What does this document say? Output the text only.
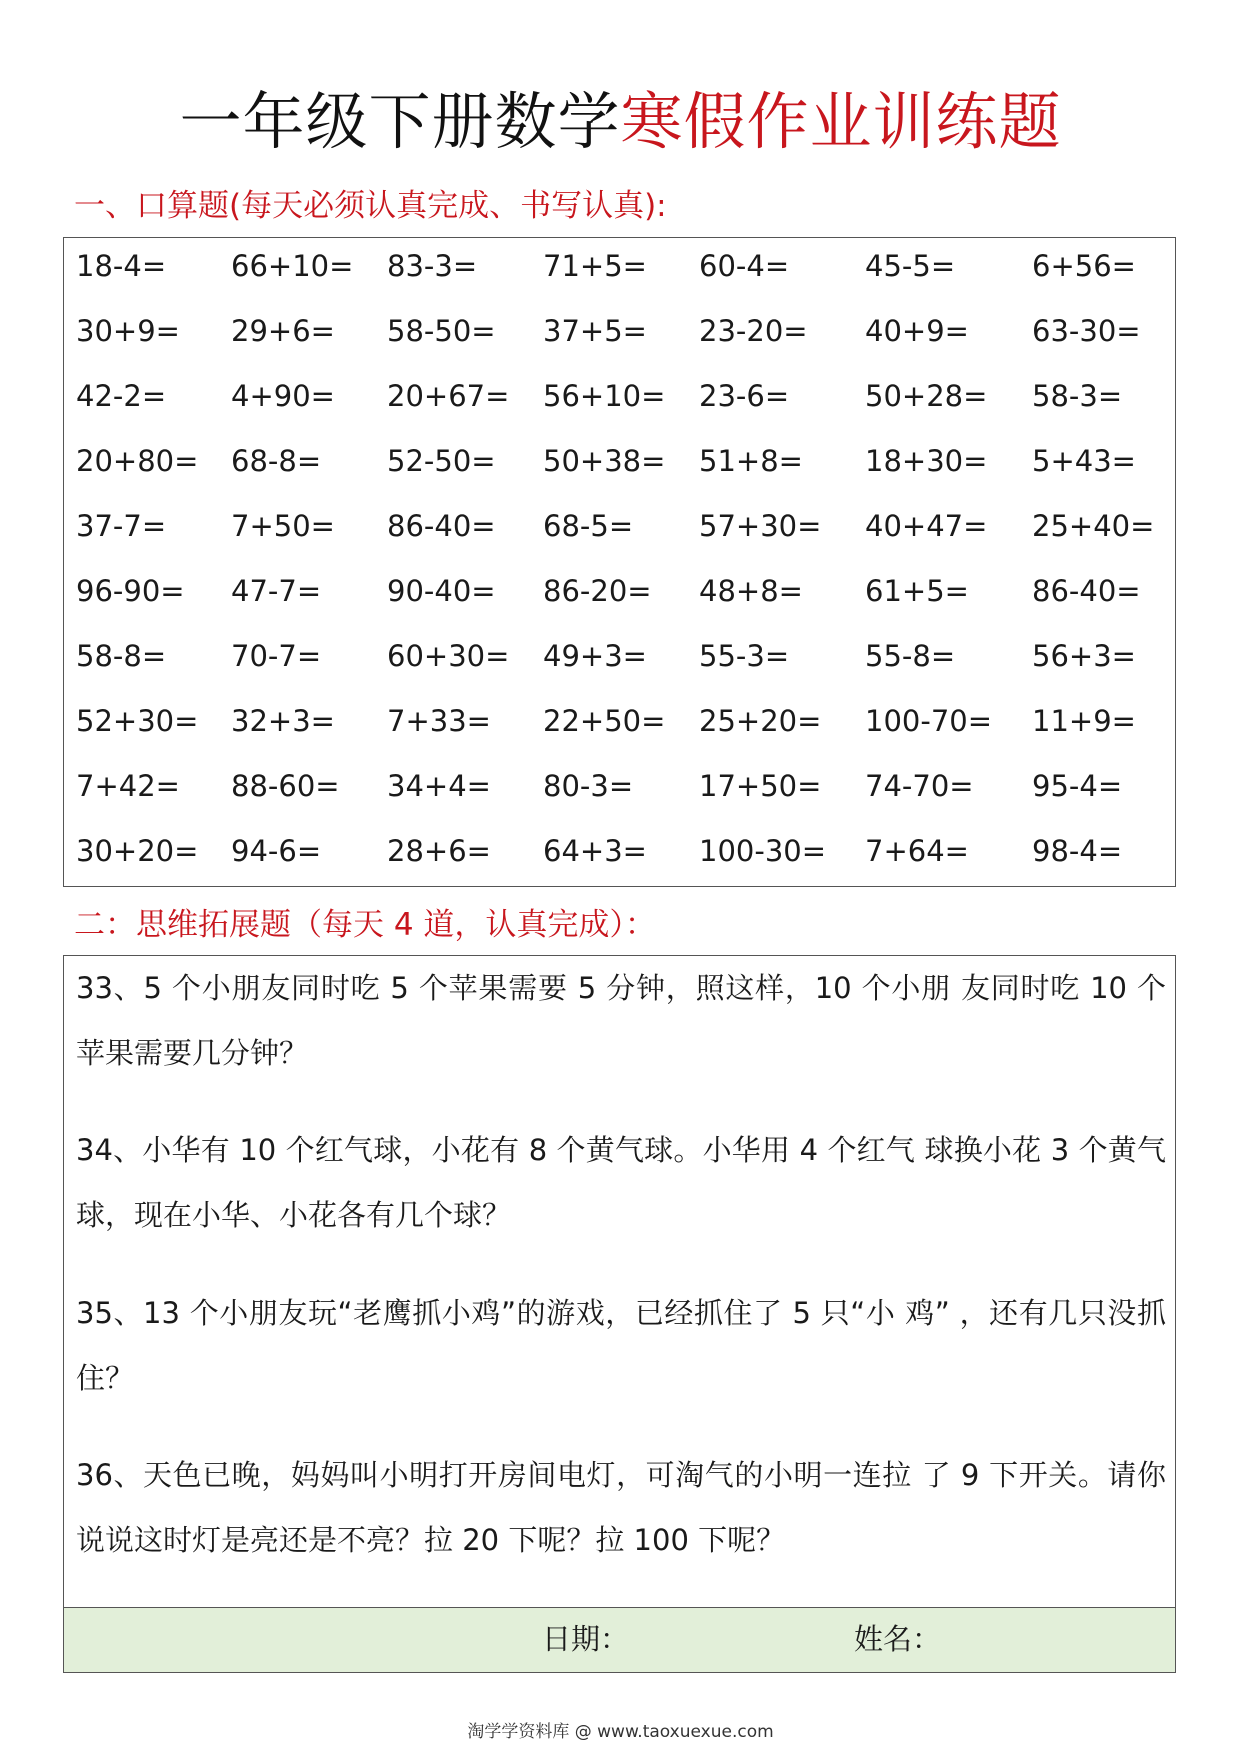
一年级下册数学寒假作业训练题
一、口算题(每天必须认真完成、书写认真):
18-4= 66+10= 83-3= 71+5= 60-4=	45-5=	6+56=
30+9= 29+6= 58-50= 37+5= 23-20= 40+9= 63-30=
42-2= 4+90= 20+67= 56+10= 23-6=	50+28= 58-3=
20+80= 68-8= 52-50= 50+38= 51+8= 18+30= 5+43=
37-7= 7+50= 86-40= 68-5= 57+30= 40+47= 25+40=
96-90= 47-7= 90-40= 86-20= 48+8= 61+5= 86-40=
58-8= 70-7= 60+30= 49+3= 55-3=	55-8=	56+3=
52+30= 32+3= 7+33= 22+50= 25+20= 100-70= 11+9=
7+42= 88-60= 34+4= 80-3= 17+50= 74-70= 95-4=
30+20= 94-6= 28+6= 64+3= 100-30= 7+64= 98-4=
二：思维拓展题（每天 4 道，认真完成）：
33、5 个小朋友同时吃 5 个苹果需要 5 分钟，照这样，10 个小朋 友同时吃 10 个苹果需要几分钟？
34、小华有 10 个红气球，小花有 8 个黄气球。小华用 4 个红气 球换小花 3 个黄气球，现在小华、小花各有几个球？
35、13 个小朋友玩“老鹰抓小鸡”的游戏，已经抓住了 5 只“小 鸡” ，还有几只没抓住？
36、天色已晚，妈妈叫小明打开房间电灯，可淘气的小明一连拉 了 9 下开关。请你说说这时灯是亮还是不亮？拉 20 下呢？拉 100 下呢？
日期：	姓名：
淘学学资料库 @ www.taoxuexue.com
